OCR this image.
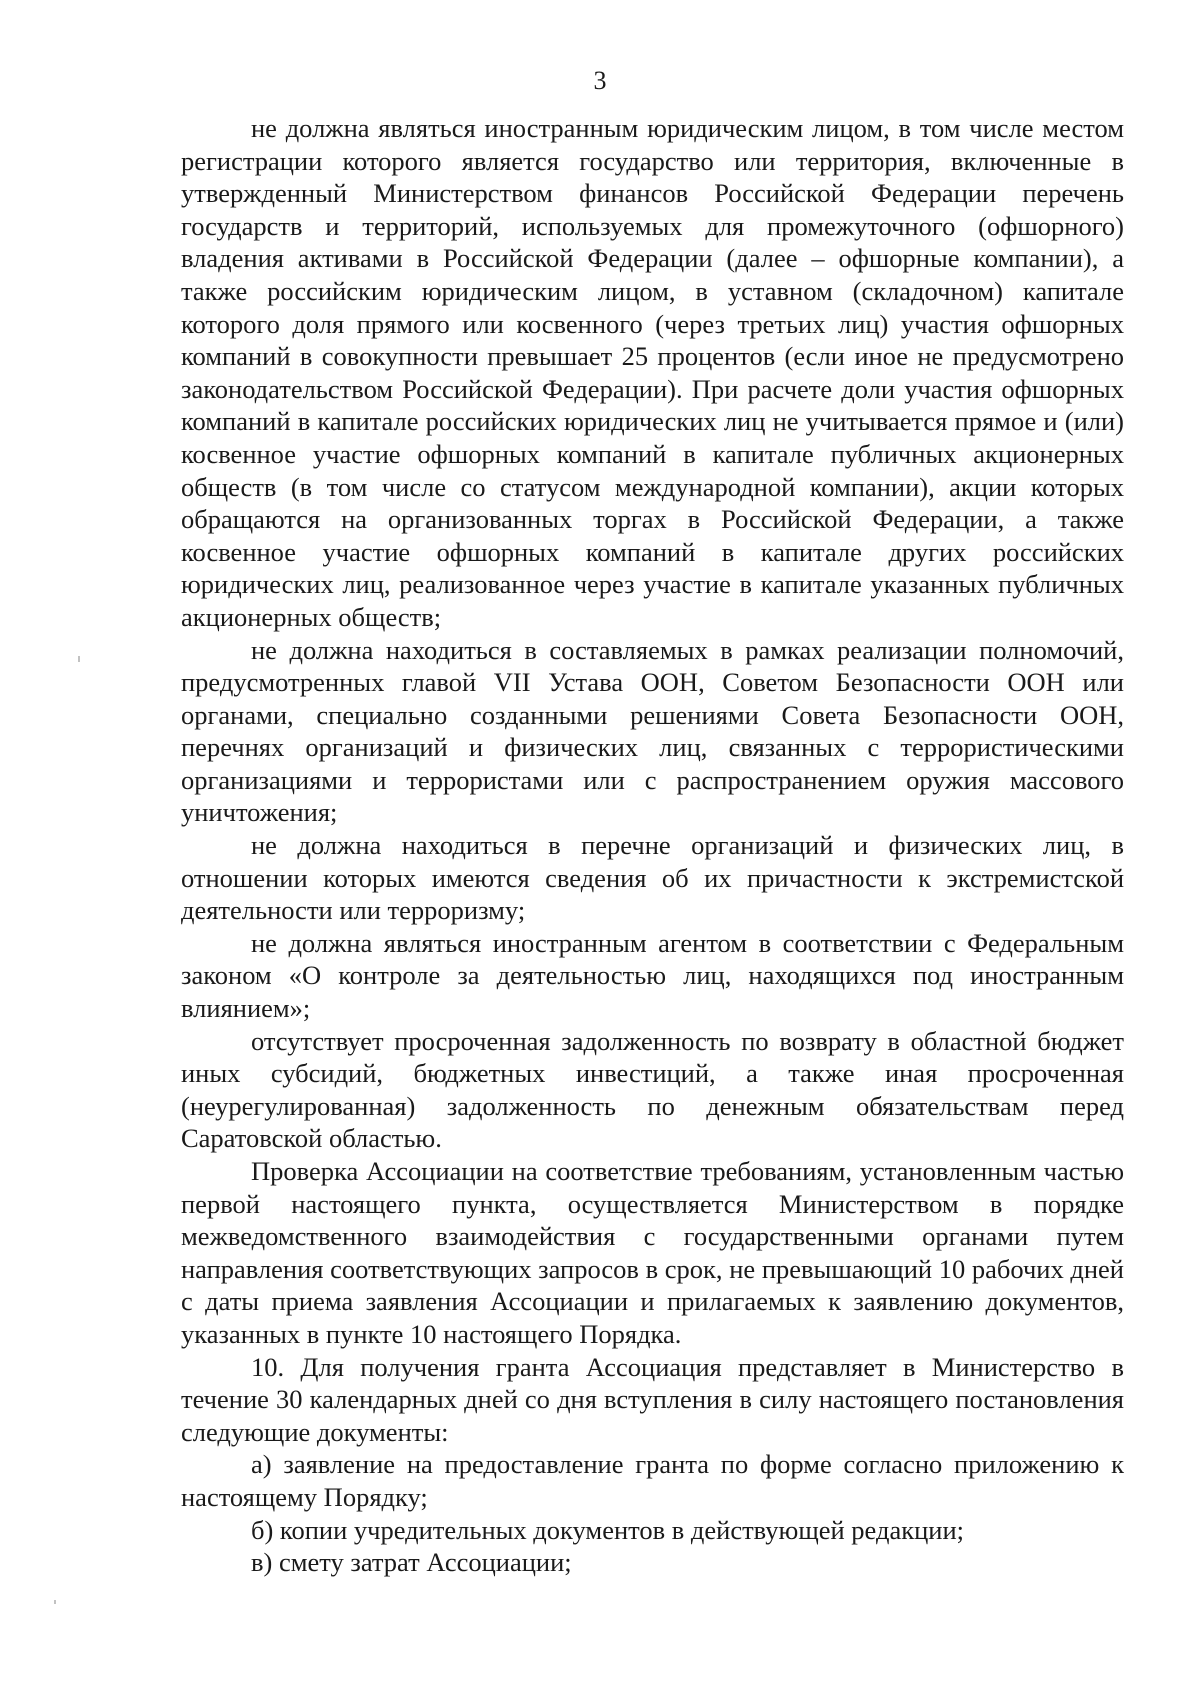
3

не должна являться иностранным юридическим лицом, в том числе местом регистрации которого является государство или территория, включенные в утвержденный Министерством финансов Российской Федерации перечень государств и территорий, используемых для промежуточного (офшорного) владения активами в Российской Федерации (далее – офшорные компании), а также российским юридическим лицом, в уставном (складочном) капитале которого доля прямого или косвенного (через третьих лиц) участия офшорных компаний в совокупности превышает 25 процентов (если иное не предусмотрено законодательством Российской Федерации). При расчете доли участия офшорных компаний в капитале российских юридических лиц не учитывается прямое и (или) косвенное участие офшорных компаний в капитале публичных акционерных обществ (в том числе со статусом международной компании), акции которых обращаются на организованных торгах в Российской Федерации, а также косвенное участие офшорных компаний в капитале других российских юридических лиц, реализованное через участие в капитале указанных публичных акционерных обществ;

не должна находиться в составляемых в рамках реализации полномочий, предусмотренных главой VII Устава ООН, Советом Безопасности ООН или органами, специально созданными решениями Совета Безопасности ООН, перечнях организаций и физических лиц, связанных с террористическими организациями и террористами или с распространением оружия массового уничтожения;

не должна находиться в перечне организаций и физических лиц, в отношении которых имеются сведения об их причастности к экстремистской деятельности или терроризму;

не должна являться иностранным агентом в соответствии с Федеральным законом «О контроле за деятельностью лиц, находящихся под иностранным влиянием»;

отсутствует просроченная задолженность по возврату в областной бюджет иных субсидий, бюджетных инвестиций, а также иная просроченная (неурегулированная) задолженность по денежным обязательствам перед Саратовской областью.

Проверка Ассоциации на соответствие требованиям, установленным частью первой настоящего пункта, осуществляется Министерством в порядке межведомственного взаимодействия с государственными органами путем направления соответствующих запросов в срок, не превышающий 10 рабочих дней с даты приема заявления Ассоциации и прилагаемых к заявлению документов, указанных в пункте 10 настоящего Порядка.

10. Для получения гранта Ассоциация представляет в Министерство в течение 30 календарных дней со дня вступления в силу настоящего постановления следующие документы:

а) заявление на предоставление гранта по форме согласно приложению к настоящему Порядку;

б) копии учредительных документов в действующей редакции;

в) смету затрат Ассоциации;
